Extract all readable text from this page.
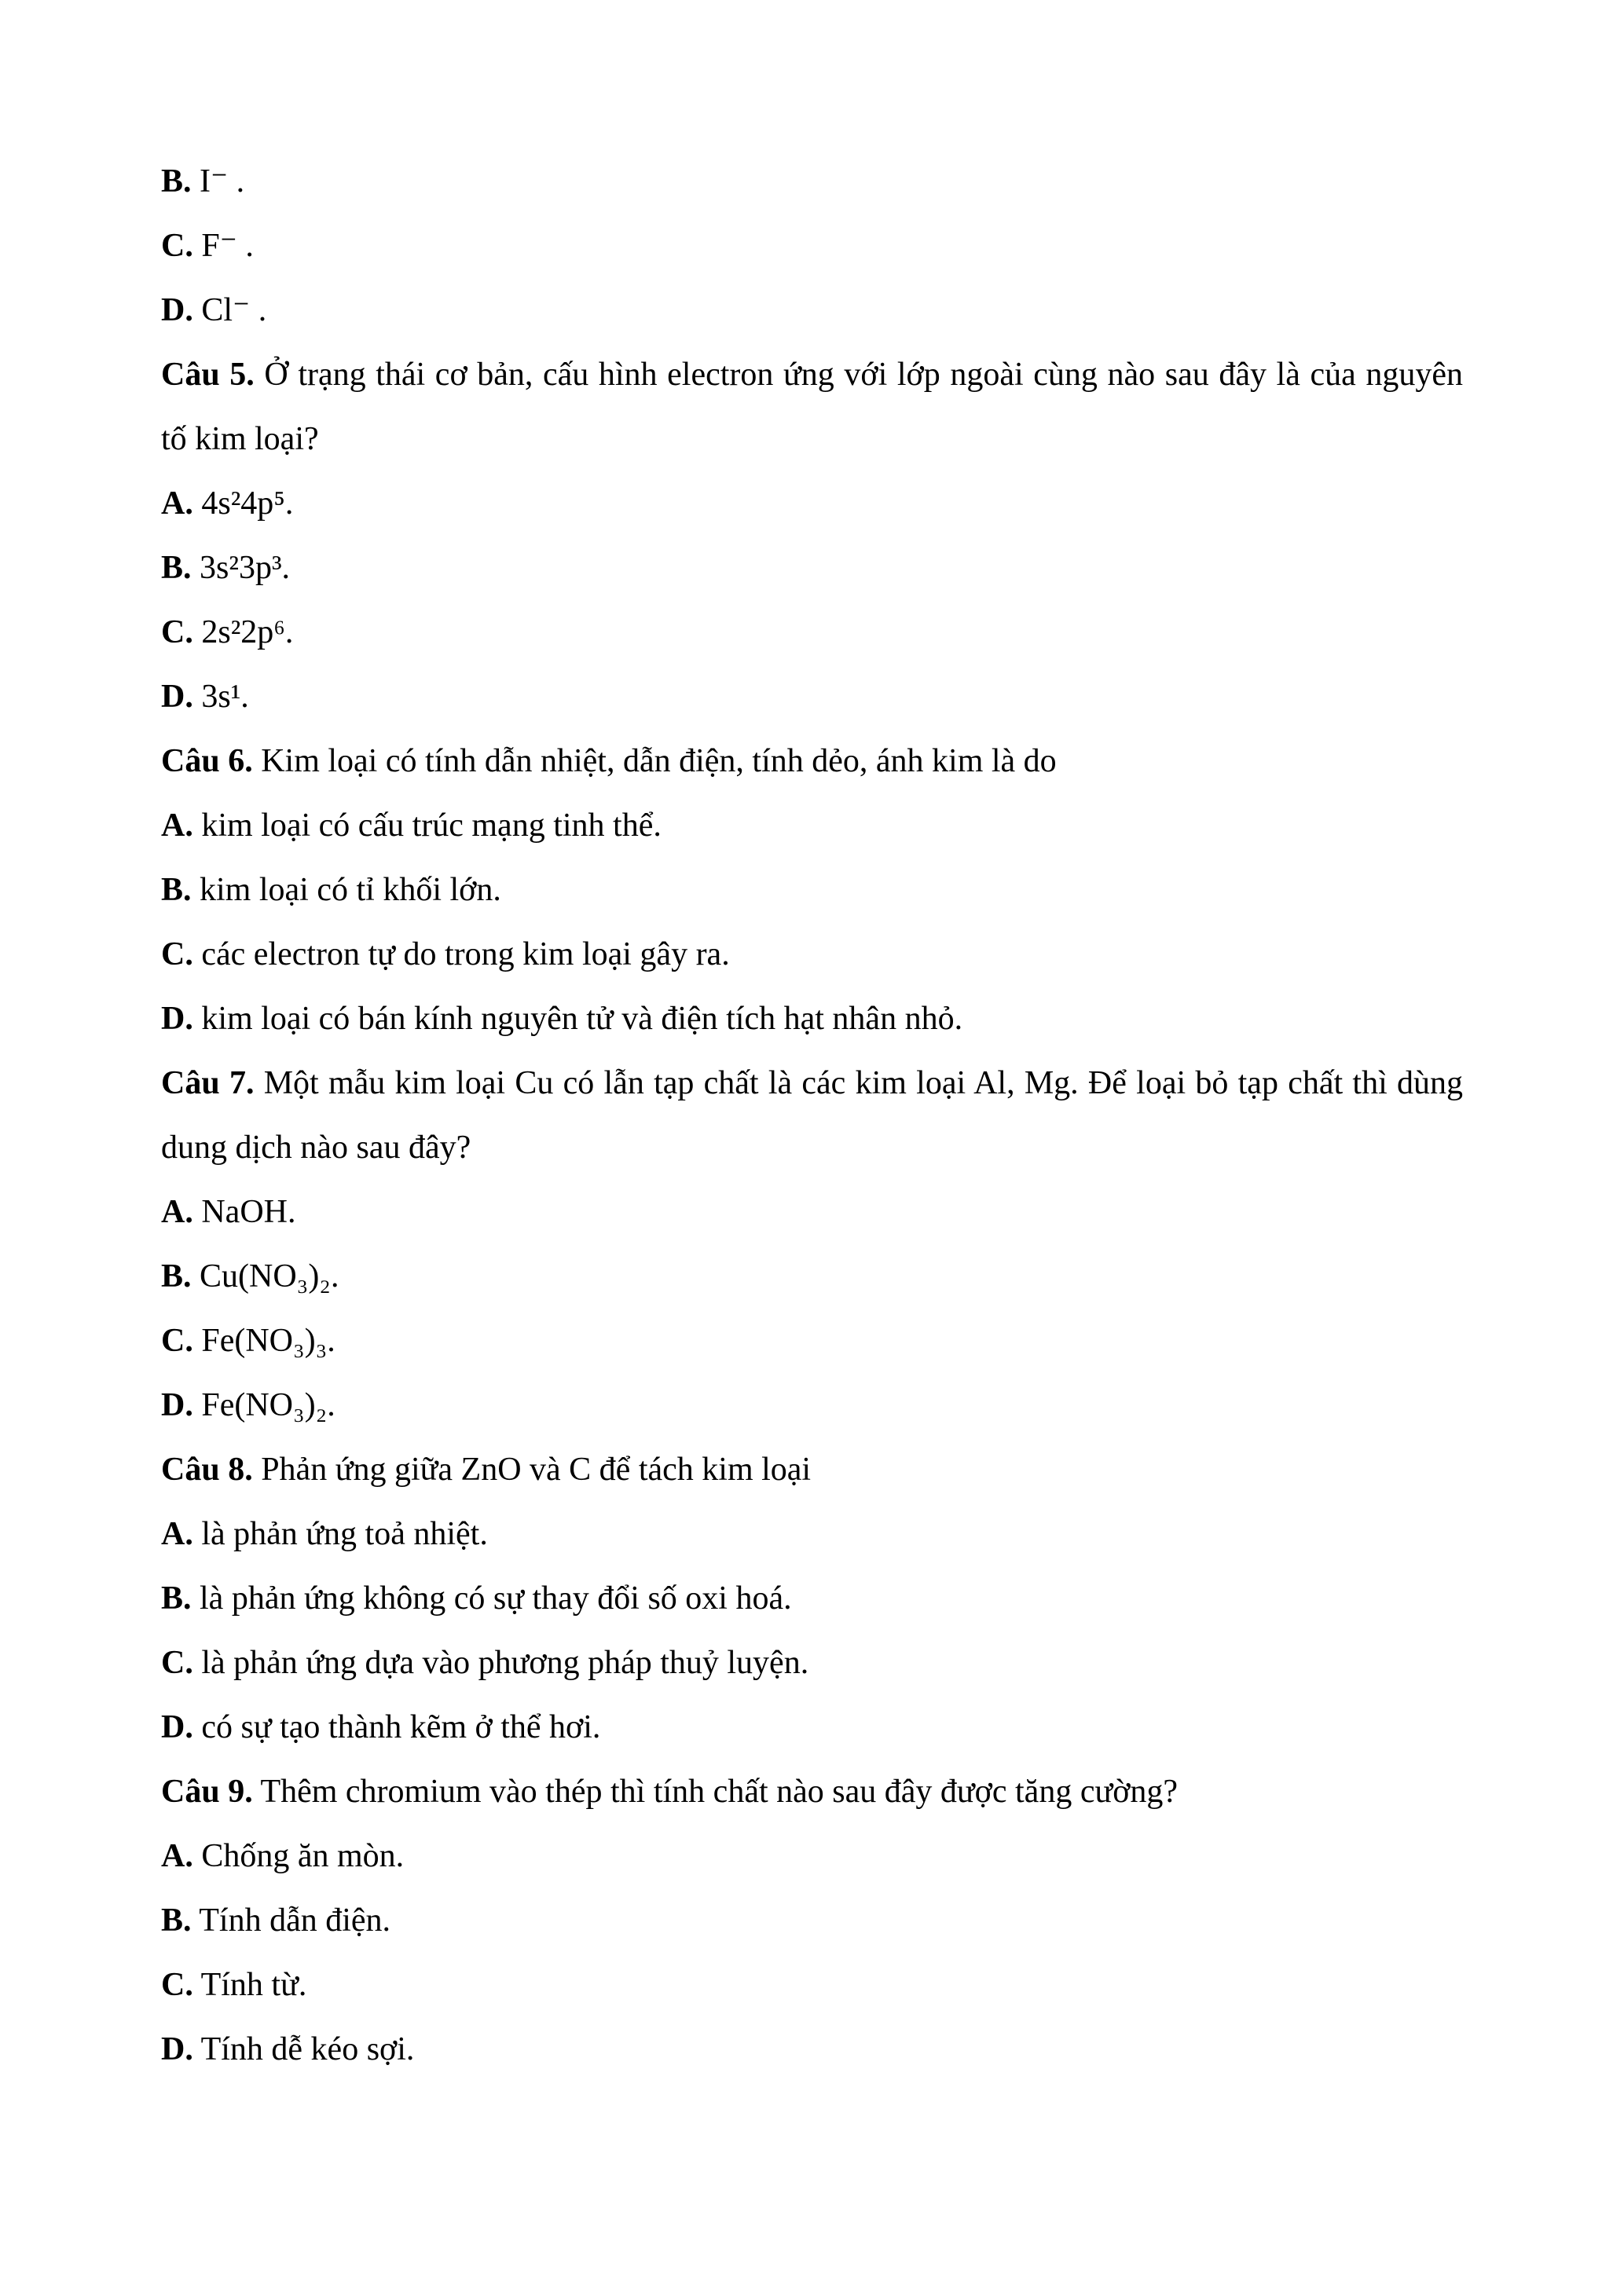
B. I⁻ .

C. F⁻ .

D. Cl⁻ .

Câu 5. Ở trạng thái cơ bản, cấu hình electron ứng với lớp ngoài cùng nào sau đây là của nguyên tố kim loại?

A. 4s²4p⁵.

B. 3s²3p³.

C. 2s²2p⁶.

D. 3s¹.

Câu 6. Kim loại có tính dẫn nhiệt, dẫn điện, tính dẻo, ánh kim là do

A. kim loại có cấu trúc mạng tinh thể.

B. kim loại có tỉ khối lớn.

C. các electron tự do trong kim loại gây ra.

D. kim loại có bán kính nguyên tử và điện tích hạt nhân nhỏ.

Câu 7. Một mẫu kim loại Cu có lẫn tạp chất là các kim loại Al, Mg. Để loại bỏ tạp chất thì dùng dung dịch nào sau đây?

A. NaOH.

B. Cu(NO₃)₂.

C. Fe(NO₃)₃.

D. Fe(NO₃)₂.

Câu 8. Phản ứng giữa ZnO và C để tách kim loại

A. là phản ứng toả nhiệt.

B. là phản ứng không có sự thay đổi số oxi hoá.

C. là phản ứng dựa vào phương pháp thuỷ luyện.

D. có sự tạo thành kẽm ở thể hơi.

Câu 9. Thêm chromium vào thép thì tính chất nào sau đây được tăng cường?

A. Chống ăn mòn.

B. Tính dẫn điện.

C. Tính từ.

D. Tính dễ kéo sợi.
